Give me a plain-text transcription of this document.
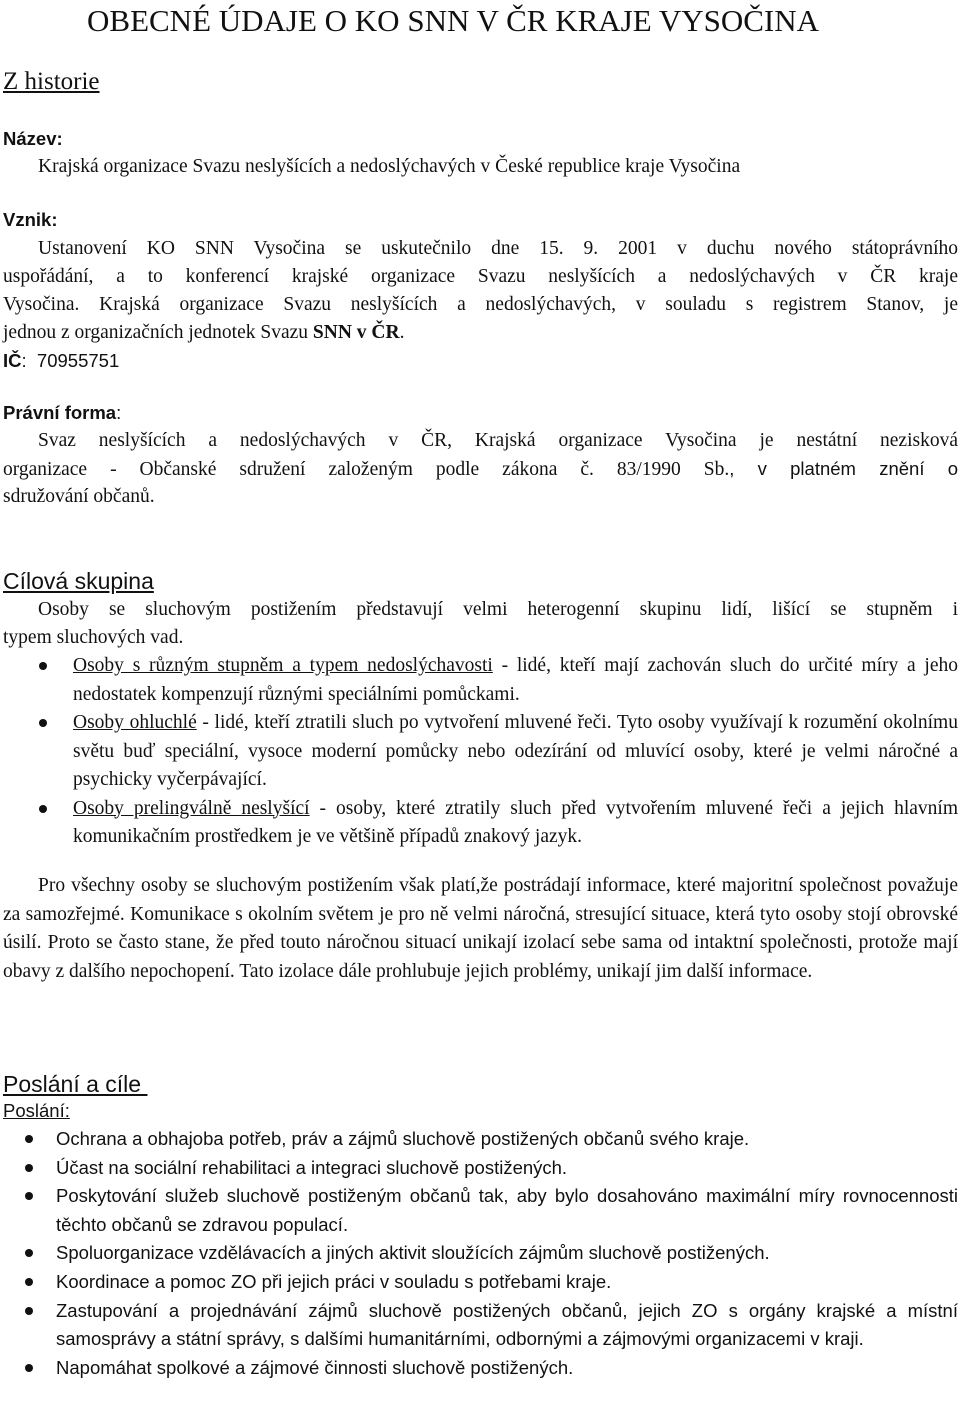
OBECNÉ ÚDAJE O KO SNN V ČR KRAJE VYSOČINA
Z historie

Název:

Krajská organizace Svazu neslyšících a nedoslýchavých v České republice kraje Vysočina

Vznik:

Ustanovení KO SNN Vysočina se uskutečnilo dne 15. 9. 2001 v duchu nového státoprávního

uspořádání, a to konferencí krajské organizace Svazu neslyšících a nedoslýchavých v ČR kraje

Vysočina. Krajská organizace Svazu neslyšících a nedoslýchavých, v souladu s registrem Stanov, je

jednou z organizačních jednotek Svazu SNN v ČR.

IČ:  70955751

Právní forma:

Svaz neslyšících a nedoslýchavých v ČR, Krajská organizace Vysočina je nestátní nezisková

organizace - Občanské sdružení založeným podle zákona č. 83/1990 Sb., v platném znění o

sdružování občanů.

Cílová skupina

Osoby se sluchovým postižením představují velmi heterogenní skupinu lidí, lišící se stupněm i

typem sluchových vad.

Osoby s různým stupněm a typem nedoslýchavosti - lidé, kteří mají zachován sluch do určité míry a jeho nedostatek kompenzují různými speciálními pomůckami.
Osoby ohluchlé - lidé, kteří ztratili sluch po vytvoření mluvené řeči. Tyto osoby využívají k rozumění okolnímu světu buď speciální, vysoce moderní pomůcky nebo odezírání od mluvící osoby, které je velmi náročné a psychicky vyčerpávající.
Osoby prelingválně neslyšící - osoby, které ztratily sluch před vytvořením mluvené řeči a jejich hlavním komunikačním prostředkem je ve většině případů znakový jazyk.

Pro všechny osoby se sluchovým postižením však platí,že postrádají informace, které majoritní společnost považuje za samozřejmé. Komunikace s okolním světem je pro ně velmi náročná, stresující situace, která tyto osoby stojí obrovské úsilí. Proto se často stane, že před touto náročnou situací unikají izolací sebe sama od intaktní společnosti, protože mají obavy z dalšího nepochopení. Tato izolace dále prohlubuje jejich problémy, unikají jim další informace.

Poslání a cíle

Poslání:

Ochrana a obhajoba potřeb, práv a zájmů sluchově postižených občanů svého kraje.
Účast na sociální rehabilitaci a integraci sluchově postižených.
Poskytování služeb sluchově postiženým občanů tak, aby bylo dosahováno maximální míry rovnocennosti těchto občanů se zdravou populací.
Spoluorganizace vzdělávacích a jiných aktivit sloužících zájmům sluchově postižených.
Koordinace a pomoc ZO při jejich práci v souladu s potřebami kraje.
Zastupování a projednávání zájmů sluchově postižených občanů, jejich ZO s orgány krajské a místní samosprávy a státní správy, s dalšími humanitárními, odbornými a zájmovými organizacemi v kraji.
Napomáhat spolkové a zájmové činnosti sluchově postižených.
